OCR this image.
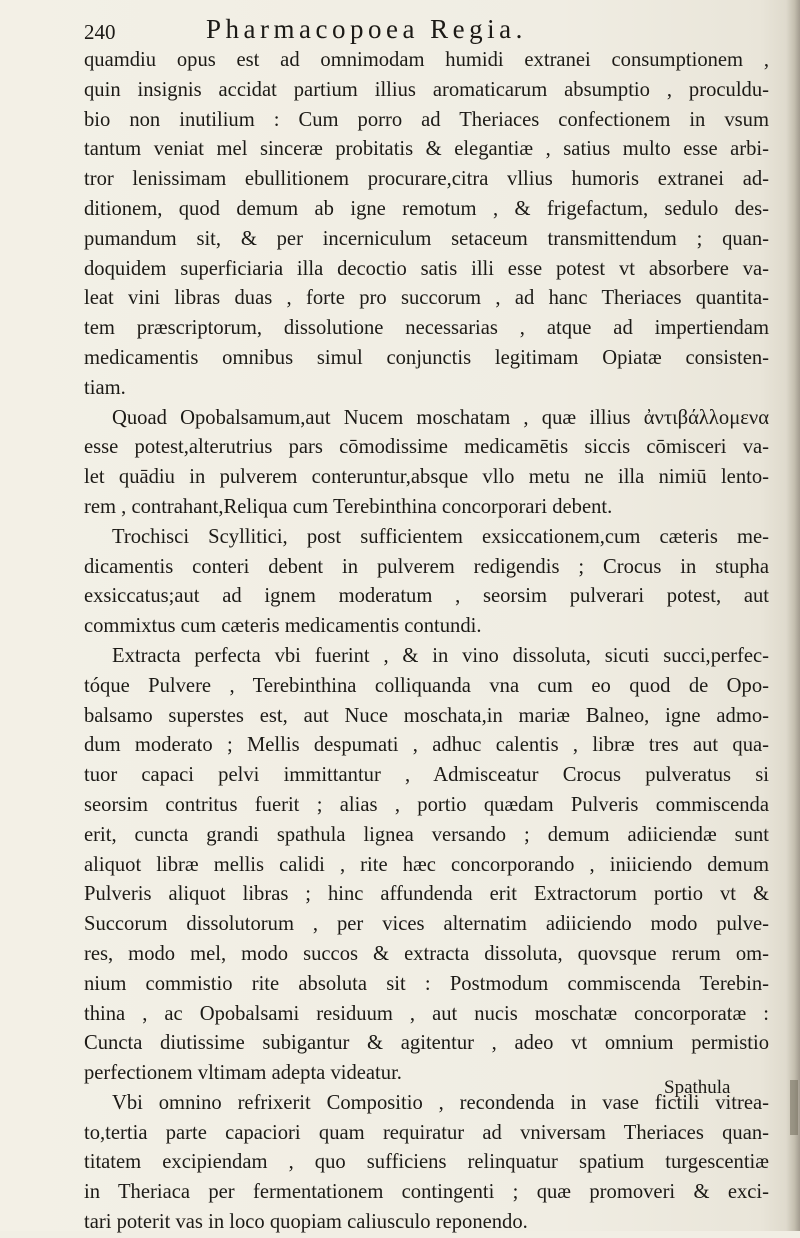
240	Pharmacopoea Regia.
quamdiu opus est ad omnimodam humidi extranei consumptionem ,
quin insignis accidat partium illius aromaticarum absumptio , proculdu-
bio non inutilium : Cum porro ad Theriaces confectionem in vsum
tantum veniat mel sinceræ probitatis & elegantiæ , satius multo esse arbi-
tror lenissimam ebullitionem procurare,citra vllius humoris extranei ad-
ditionem, quod demum ab igne remotum , & frigefactum, sedulo des-
pumandum sit, & per incerniculum setaceum transmittendum ; quan-
doquidem superficiaria illa decoctio satis illi esse potest vt absorbere va-
leat vini libras duas , forte pro succorum , ad hanc Theriaces quantita-
tem præscriptorum, dissolutione necessarias , atque ad impertiendam
medicamentis omnibus simul conjunctis legitimam Opiatæ consisten-
tiam.
Quoad Opobalsamum,aut Nucem moschatam , quæ illius ἀντιβάλλομενα
esse potest,alterutrius pars cōmodissime medicamētis siccis cōmisceri va-
let quādiu in pulverem conteruntur,absque vllo metu ne illa nimiū lento-
rem , contrahant,Reliqua cum Terebinthina concorporari debent.
Trochisci Scyllitici, post sufficientem exsiccationem,cum cæteris me-
dicamentis conteri debent in pulverem redigendis ; Crocus in stupha
exsiccatus;aut ad ignem moderatum , seorsim pulverari potest, aut
commixtus cum cæteris medicamentis contundi.
Extracta perfecta vbi fuerint , & in vino dissoluta, sicuti succi,perfec-
tóque Pulvere , Terebinthina colliquanda vna cum eo quod de Opo-
balsamo superstes est, aut Nuce moschata,in mariæ Balneo, igne admo-
dum moderato ; Mellis despumati , adhuc calentis , libræ tres aut qua-
tuor capaci pelvi immittantur , Admisceatur Crocus pulveratus si
seorsim contritus fuerit ; alias , portio quædam Pulveris commiscenda
erit, cuncta grandi spathula lignea versando ; demum adiiciendæ sunt
aliquot libræ mellis calidi , rite hæc concorporando , iniiciendo demum
Pulveris aliquot libras ; hinc affundenda erit Extractorum portio vt &
Succorum dissolutorum , per vices alternatim adiiciendo modo pulve-
res, modo mel, modo succos & extracta dissoluta, quovsque rerum om-
nium commistio rite absoluta sit : Postmodum commiscenda Terebin-
thina , ac Opobalsami residuum , aut nucis moschatæ concorporatæ :
Cuncta diutissime subigantur & agitentur , adeo vt omnium permistio
perfectionem vltimam adepta videatur.
Vbi omnino refrixerit Compositio , recondenda in vase fictili vitrea-
to,tertia parte capaciori quam requiratur ad vniversam Theriaces quan-
titatem excipiendam , quo sufficiens relinquatur spatium turgescentiæ
in Theriaca per fermentationem contingenti ; quæ promoveri & exci-
tari poterit vas in loco quopiam caliusculo reponendo.
Spathula
